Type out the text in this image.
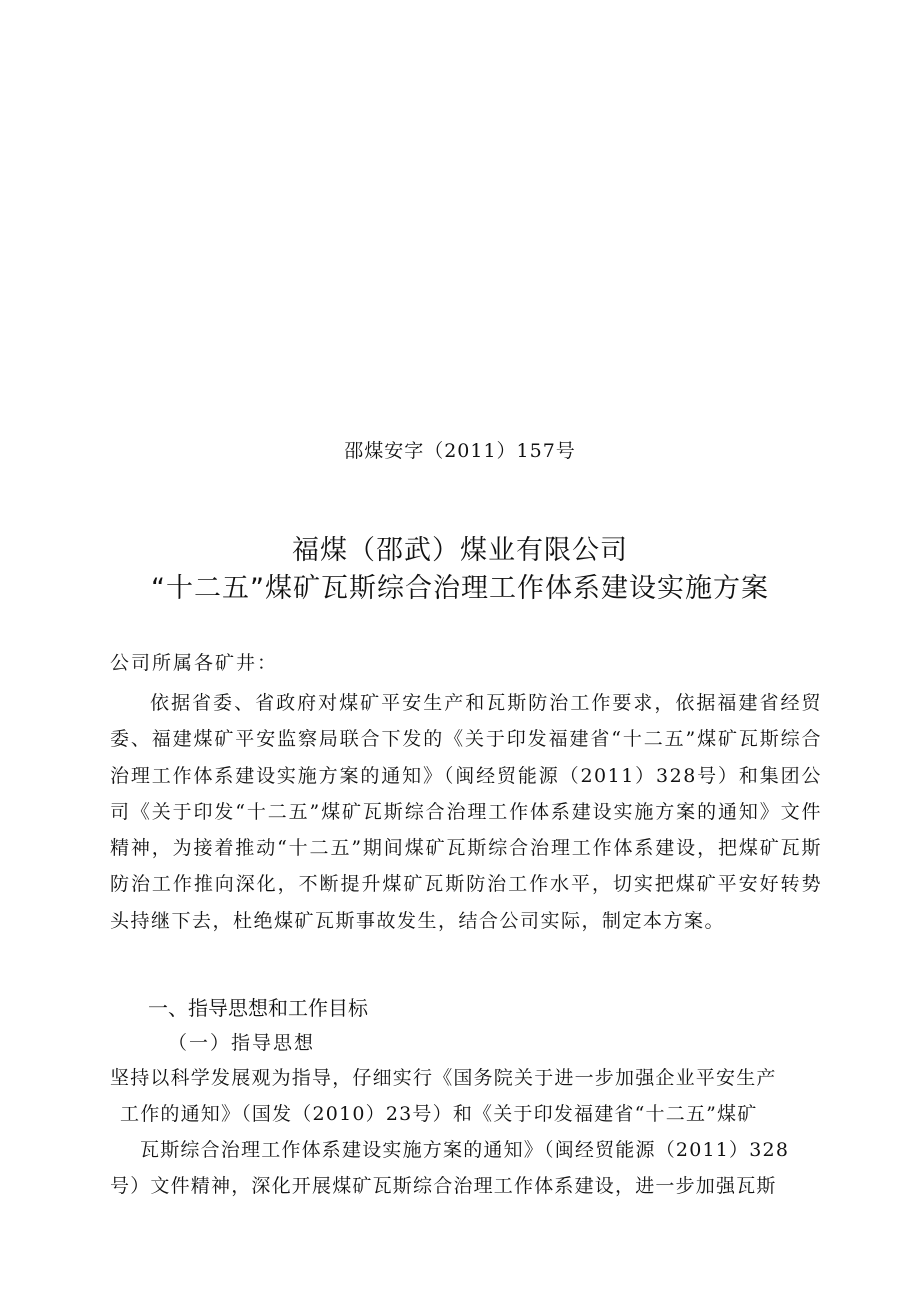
邵煤安字（2011）157号
福煤（邵武）煤业有限公司
“十二五”煤矿瓦斯综合治理工作体系建设实施方案
公司所属各矿井：

依据省委、省政府对煤矿平安生产和瓦斯防治工作要求，依据福建省经贸委、福建煤矿平安监察局联合下发的《关于印发福建省“十二五”煤矿瓦斯综合治理工作体系建设实施方案的通知》（闽经贸能源（2011）328号）和集团公司《关于印发“十二五”煤矿瓦斯综合治理工作体系建设实施方案的通知》文件精神，为接着推动“十二五”期间煤矿瓦斯综合治理工作体系建设，把煤矿瓦斯防治工作推向深化，不断提升煤矿瓦斯防治工作水平，切实把煤矿平安好转势头持继下去，杜绝煤矿瓦斯事故发生，结合公司实际，制定本方案。

一、指导思想和工作目标
（一）指导思想
坚持以科学发展观为指导，仔细实行《国务院关于进一步加强企业平安生产
工作的通知》（国发（2010）23号）和《关于印发福建省“十二五”煤矿
瓦斯综合治理工作体系建设实施方案的通知》（闽经贸能源（2011）328
号）文件精神，深化开展煤矿瓦斯综合治理工作体系建设，进一步加强瓦斯
